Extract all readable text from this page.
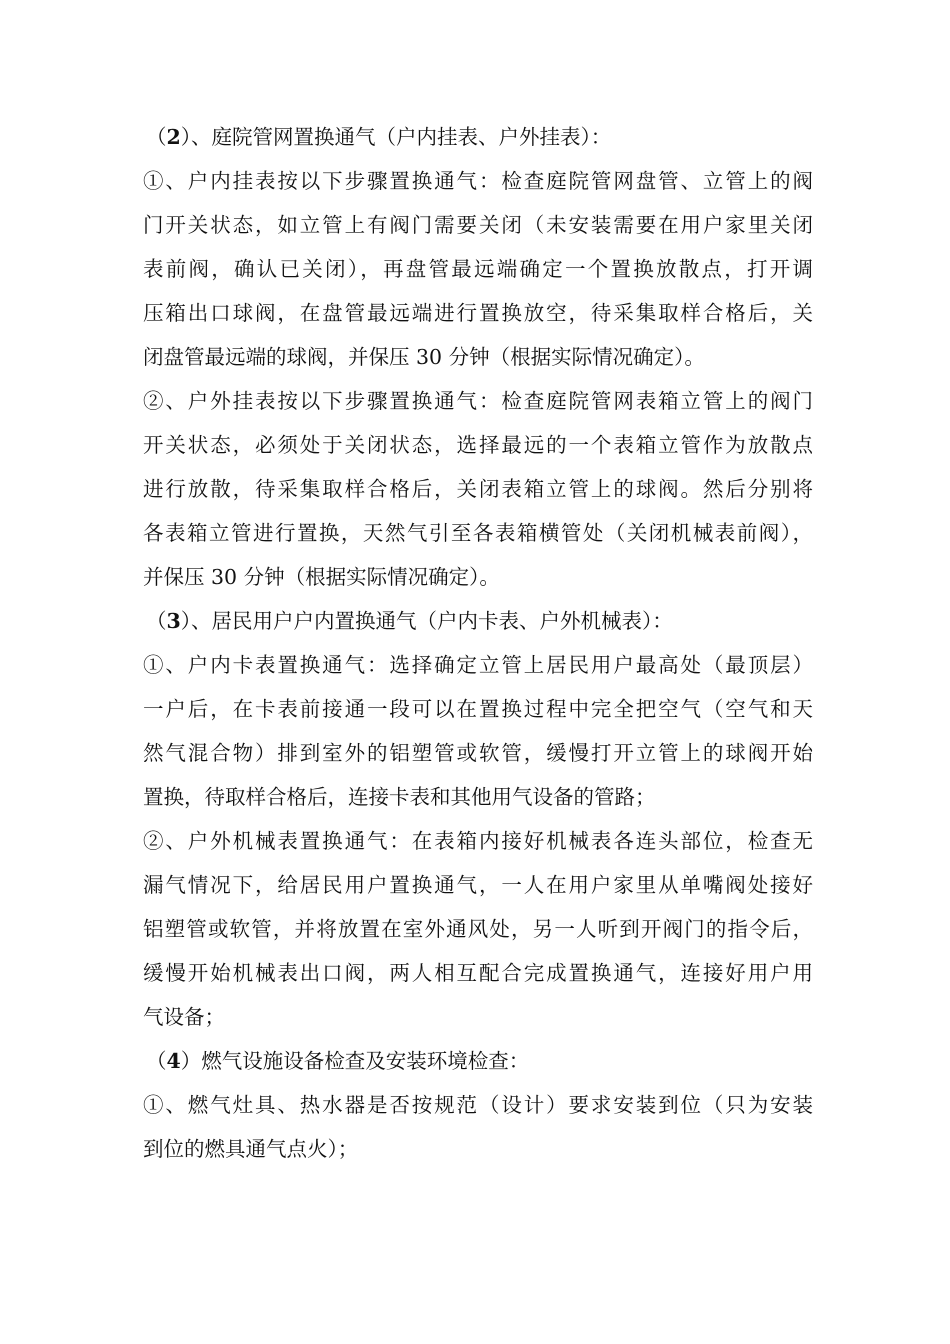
（2）、庭院管网置换通气（户内挂表、户外挂表）：
①、户内挂表按以下步骤置换通气：检查庭院管网盘管、立管上的阀
门开关状态，如立管上有阀门需要关闭（未安装需要在用户家里关闭
表前阀，确认已关闭），再盘管最远端确定一个置换放散点，打开调
压箱出口球阀，在盘管最远端进行置换放空，待采集取样合格后，关
闭盘管最远端的球阀，并保压 30 分钟（根据实际情况确定）。
②、户外挂表按以下步骤置换通气：检查庭院管网表箱立管上的阀门
开关状态，必须处于关闭状态，选择最远的一个表箱立管作为放散点
进行放散，待采集取样合格后，关闭表箱立管上的球阀。然后分别将
各表箱立管进行置换，天然气引至各表箱横管处（关闭机械表前阀），
并保压 30 分钟（根据实际情况确定）。
（3）、居民用户户内置换通气（户内卡表、户外机械表）：
①、户内卡表置换通气：选择确定立管上居民用户最高处（最顶层）
一户后，在卡表前接通一段可以在置换过程中完全把空气（空气和天
然气混合物）排到室外的铝塑管或软管，缓慢打开立管上的球阀开始
置换，待取样合格后，连接卡表和其他用气设备的管路；
②、户外机械表置换通气：在表箱内接好机械表各连头部位，检查无
漏气情况下，给居民用户置换通气，一人在用户家里从单嘴阀处接好
铝塑管或软管，并将放置在室外通风处，另一人听到开阀门的指令后，
缓慢开始机械表出口阀，两人相互配合完成置换通气，连接好用户用
气设备；
（4）燃气设施设备检查及安装环境检查：
①、燃气灶具、热水器是否按规范（设计）要求安装到位（只为安装
到位的燃具通气点火）；
